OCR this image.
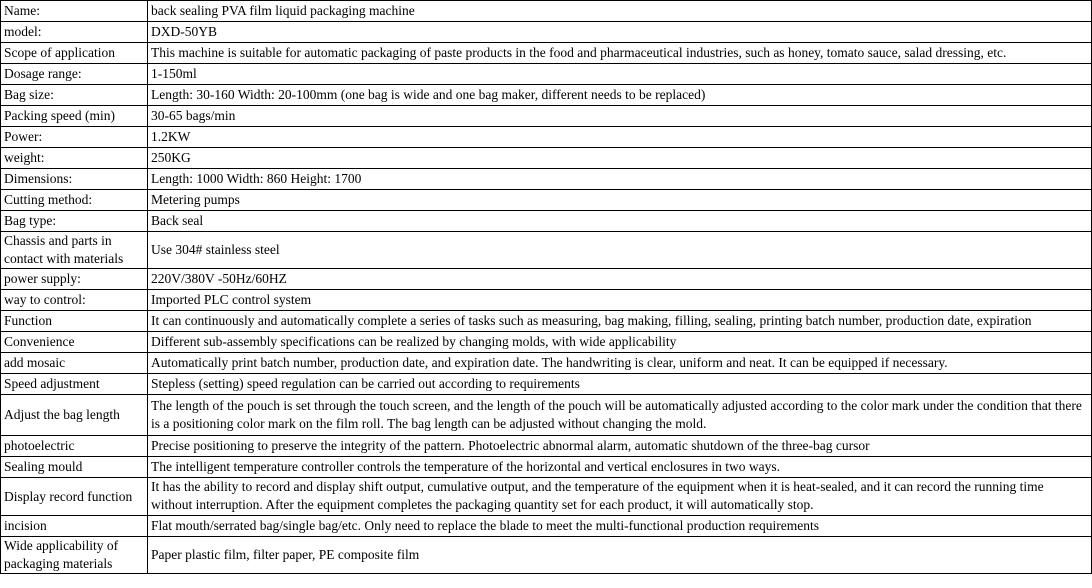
Name:	back sealing PVA film liquid packaging machine
model:	DXD-50YB
Scope of application	This machine is suitable for automatic packaging of paste products in the food and pharmaceutical industries, such as honey, tomato sauce, salad dressing, etc.
Dosage range:	1-150ml
Bag size:	Length: 30-160 Width: 20-100mm (one bag is wide and one bag maker, different needs to be replaced)
Packing speed (min)	30-65 bags/min
Power:	1.2KW
weight:	250KG
Dimensions:	Length: 1000 Width: 860 Height: 1700
Cutting method:	Metering pumps
Bag type:	Back seal
Chassis and parts in contact with materials	Use 304# stainless steel
power supply:	220V/380V -50Hz/60HZ
way to control:	Imported PLC control system
Function	It can continuously and automatically complete a series of tasks such as measuring, bag making, filling, sealing, printing batch number, production date, expiration
Convenience	Different sub-assembly specifications can be realized by changing molds, with wide applicability
add mosaic	Automatically print batch number, production date, and expiration date. The handwriting is clear, uniform and neat. It can be equipped if necessary.
Speed adjustment	Stepless (setting) speed regulation can be carried out according to requirements
Adjust the bag length	The length of the pouch is set through the touch screen, and the length of the pouch will be automatically adjusted according to the color mark under the condition that there is a positioning color mark on the film roll. The bag length can be adjusted without changing the mold.
photoelectric	Precise positioning to preserve the integrity of the pattern. Photoelectric abnormal alarm, automatic shutdown of the three-bag cursor
Sealing mould	The intelligent temperature controller controls the temperature of the horizontal and vertical enclosures in two ways.
Display record function	It has the ability to record and display shift output, cumulative output, and the temperature of the equipment when it is heat-sealed, and it can record the running time without interruption. After the equipment completes the packaging quantity set for each product, it will automatically stop.

incision	Flat mouth/serrated bag/single bag/etc. Only need to replace the blade to meet the multi-functional production requirements
Wide applicability of packaging materials	Paper plastic film, filter paper, PE composite film
